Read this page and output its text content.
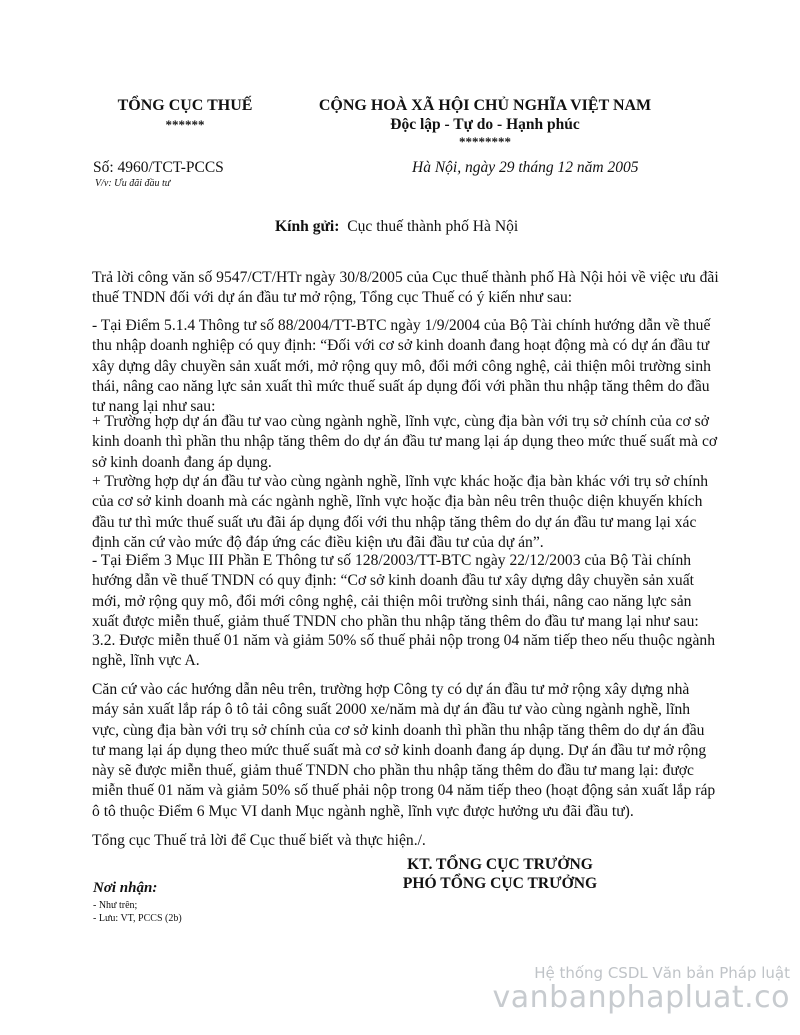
TỔNG CỤC THUẾ
******
CỘNG HOÀ XÃ HỘI CHỦ NGHĨA VIỆT NAM
Độc lập - Tự do - Hạnh phúc
********
Số: 4960/TCT-PCCS
V/v: Ưu đãi đầu tư
Hà Nội, ngày 29 tháng 12 năm 2005
Kính gửi: Cục thuế thành phố Hà Nội

Trả lời công văn số 9547/CT/HTr ngày 30/8/2005 của Cục thuế thành phố Hà Nội hỏi về việc ưu đãi thuế TNDN đối với dự án đầu tư mở rộng, Tổng cục Thuế có ý kiến như sau:

- Tại Điểm 5.1.4 Thông tư số 88/2004/TT-BTC ngày 1/9/2004 của Bộ Tài chính hướng dẫn về thuế thu nhập doanh nghiệp có quy định: “Đối với cơ sở kinh doanh đang hoạt động mà có dự án đầu tư xây dựng dây chuyền sản xuất mới, mở rộng quy mô, đổi mới công nghệ, cải thiện môi trường sinh thái, nâng cao năng lực sản xuất thì mức thuế suất áp dụng đối với phần thu nhập tăng thêm do đầu tư nang lại như sau:

+ Trường hợp dự án đầu tư vao cùng ngành nghề, lĩnh vực, cùng địa bàn với trụ sở chính của cơ sở kinh doanh thì phần thu nhập tăng thêm do dự án đầu tư mang lại áp dụng theo mức thuế suất mà cơ sở kinh doanh đang áp dụng.

+ Trường hợp dự án đầu tư vào cùng ngành nghề, lĩnh vực khác hoặc địa bàn khác với trụ sở chính của cơ sở kinh doanh mà các ngành nghề, lĩnh vực hoặc địa bàn nêu trên thuộc diện khuyến khích đầu tư thì mức thuế suất ưu đãi áp dụng đối với thu nhập tăng thêm do dự án đầu tư mang lại xác định căn cứ vào mức độ đáp ứng các điều kiện ưu đãi đầu tư của dự án”.

- Tại Điểm 3 Mục III Phần E Thông tư số 128/2003/TT-BTC ngày 22/12/2003 của Bộ Tài chính hướng dẫn về thuế TNDN có quy định: “Cơ sở kinh doanh đầu tư xây dựng dây chuyền sản xuất mới, mở rộng quy mô, đổi mới công nghệ, cải thiện môi trường sinh thái, nâng cao năng lực sản xuất được miễn thuế, giảm thuế TNDN cho phần thu nhập tăng thêm do đầu tư mang lại như sau:

3.2. Được miễn thuế 01 năm và giảm 50% số thuế phải nộp trong 04 năm tiếp theo nếu thuộc ngành nghề, lĩnh vực A.

Căn cứ vào các hướng dẫn nêu trên, trường hợp Công ty có dự án đầu tư mở rộng xây dựng nhà máy sản xuất lắp ráp ô tô tải công suất 2000 xe/năm mà dự án đầu tư vào cùng ngành nghề, lĩnh vực, cùng địa bàn với trụ sở chính của cơ sở kinh doanh thì phần thu nhập tăng thêm do dự án đầu tư mang lại áp dụng theo mức thuế suất mà cơ sở kinh doanh đang áp dụng. Dự án đầu tư mở rộng này sẽ được miễn thuế, giảm thuế TNDN cho phần thu nhập tăng thêm do đầu tư mang lại: được miễn thuế 01 năm và giảm 50% số thuế phải nộp trong 04 năm tiếp theo (hoạt động sản xuất lắp ráp ô tô thuộc Điểm 6 Mục VI danh Mục ngành nghề, lĩnh vực được hưởng ưu đãi đầu tư).

Tổng cục Thuế trả lời để Cục thuế biết và thực hiện./.

KT. TỔNG CỤC TRƯỞNG
PHÓ TỔNG CỤC TRƯỞNG
Nơi nhận:
- Như trên;
- Lưu: VT, PCCS (2b)
Hệ thống CSDL Văn bản Pháp luật
vanbanphapluat.co
